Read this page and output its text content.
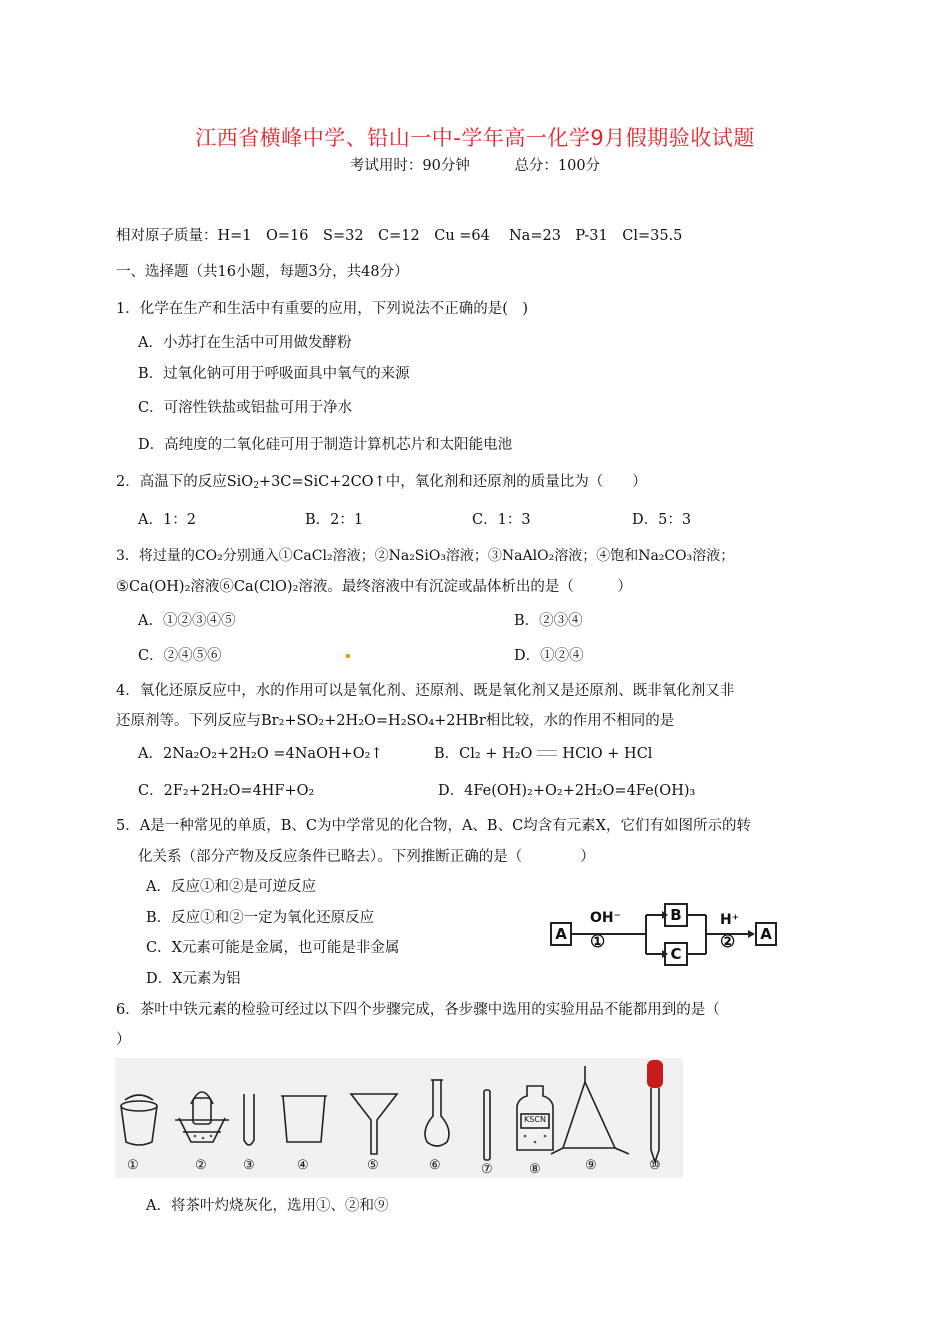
江西省横峰中学、铅山一中-学年高一化学9月假期验收试题
考试用时：90分钟	总分：100分
相对原子质量：H=1　O=16　S=32　C=12　Cu =64　 Na=23　P-31　Cl=35.5
一、选择题（共16小题，每题3分，共48分）
1．化学在生产和生活中有重要的应用，下列说法不正确的是(　)
A．小苏打在生活中可用做发酵粉
B．过氧化钠可用于呼吸面具中氧气的来源
C．可溶性铁盐或铝盐可用于净水
D．高纯度的二氧化硅可用于制造计算机芯片和太阳能电池
2．高温下的反应SiO$_2$+3C=SiC+2CO↑中，氧化剂和还原剂的质量比为（　　）
A．1：2	B．2：1	C．1：3	D．5：3
3．将过量的CO₂分别通入①CaCl₂溶液；②Na₂SiO₃溶液；③NaAlO₂溶液；④饱和Na₂CO₃溶液；
⑤Ca(OH)₂溶液⑥Ca(ClO)₂溶液。最终溶液中有沉淀或晶体析出的是（　　　）
A．①②③④⑤	B．②③④
C．②④⑤⑥	D．①②④
4．氧化还原反应中，水的作用可以是氧化剂、还原剂、既是氧化剂又是还原剂、既非氧化剂又非
还原剂等。下列反应与Br₂+SO₂+2H₂O=H₂SO₄+2HBr相比较，水的作用不相同的是
A．2Na₂O₂+2H₂O =4NaOH+O₂↑	B．Cl₂ + H₂O HClO + HCl
C．2F₂+2H₂O=4HF+O₂	D．4Fe(OH)₂+O₂+2H₂O=4Fe(OH)₃
5．A是一种常见的单质，B、C为中学常见的化合物，A、B、C均含有元素X，它们有如图所示的转
化关系（部分产物及反应条件已略去）。下列推断正确的是（　　　　）
A．反应①和②是可逆反应
B．反应①和②一定为氧化还原反应
C．X元素可能是金属，也可能是非金属
D．X元素为铝
A
B
C
A
OH⁻
①
H⁺
②
6．茶叶中铁元素的检验可经过以下四个步骤完成，各步骤中选用的实验用品不能都用到的是（
）
KSCN
①	②	③	④	⑤	⑥	⑦	⑧	⑨	⑩
A．将茶叶灼烧灰化，选用①、②和⑨
